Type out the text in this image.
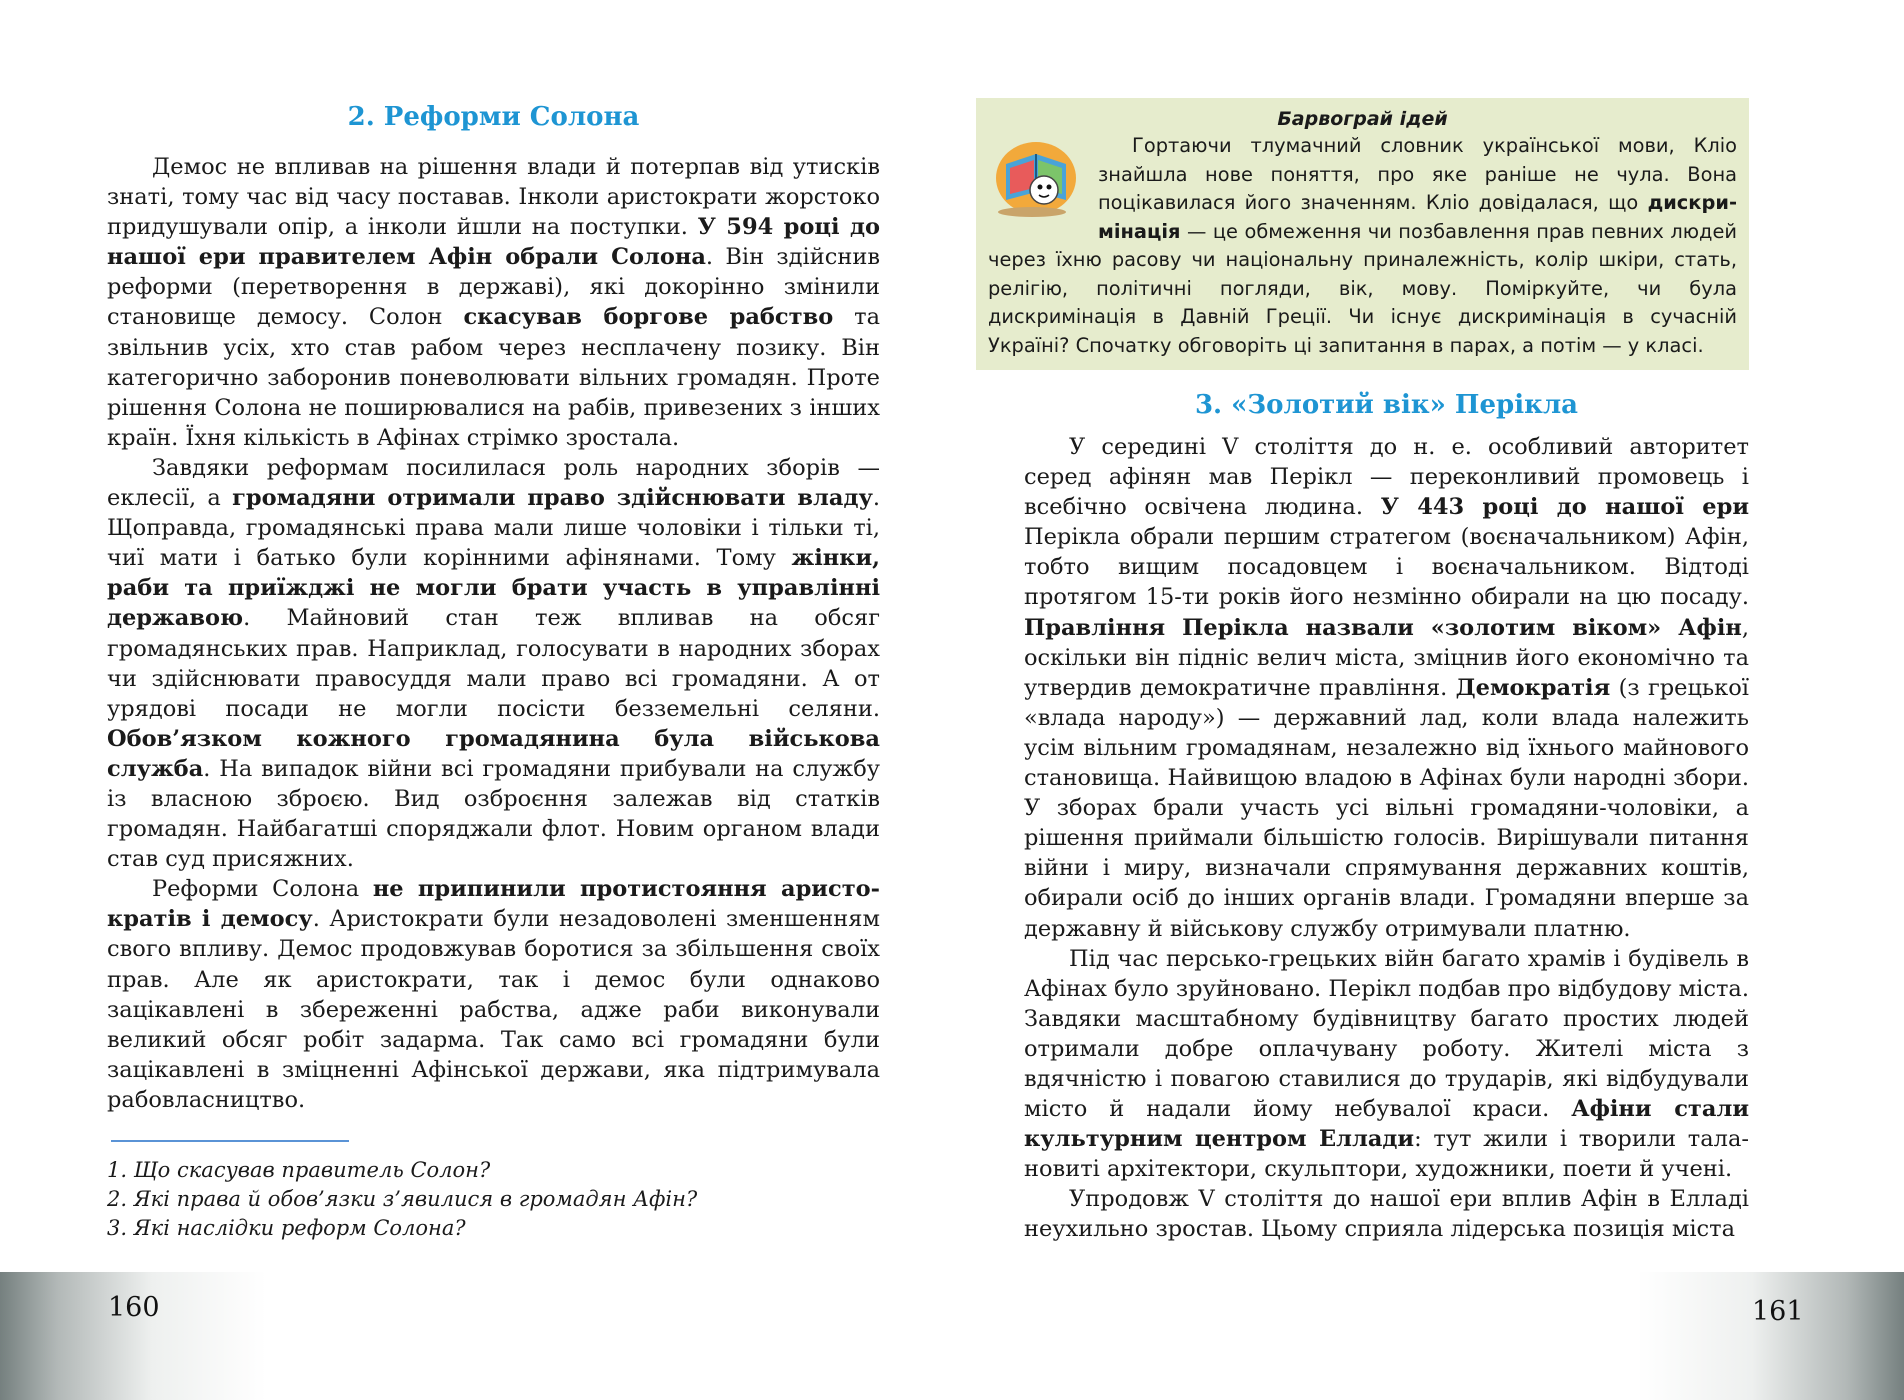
2. Реформи Солона

Демос не впливав на рішення влади й потерпав від утисків знаті, тому час від часу поставав. Інколи аристократи жорстоко придушували опір, а інколи йшли на поступки. У 594 році до нашої ери правителем Афін обрали Солона. Він здійснив реформи (перетворення в державі), які докорінно змінили становище демосу. Солон скасував боргове рабство та звільнив усіх, хто став рабом через несплачену позику. Він категорично заборонив поневолювати вільних громадян. Проте рішення Солона не поширювалися на рабів, привезених з інших країн. Їхня кількість в Афінах стрімко зростала.

Завдяки реформам посилилася роль народних зборів — еклесії, а громадяни отримали право здійснювати владу. Щоправда, громадянські права мали лише чоловіки і тільки ті, чиї мати і батько були корінними афінянами. Тому жінки, раби та приїжджі не могли брати участь в управлінні державою. Майновий стан теж впливав на обсяг громадянських прав. Наприклад, голосувати в народних зборах чи здійснювати правосуддя мали право всі громадяни. А от урядові посади не могли посісти безземельні селяни. Обов’язком кожного громадянина була військова служба. На випадок війни всі громадяни прибували на службу із власною зброєю. Вид озброєння залежав від статків громадян. Найбагатші споряджали флот. Новим органом влади став суд присяжних.

Реформи Солона не припинили протистояння аристократів і демосу. Аристократи були незадоволені зменшенням свого впливу. Демос продовжував боротися за збільшення своїх прав. Але як аристократи, так і демос були однаково зацікавлені в збереженні рабства, адже раби виконували великий обсяг робіт задарма. Так само всі громадяни були зацікавлені в зміцненні Афінської держави, яка підтримувала рабовласництво.

1. Що скасував правитель Солон?
2. Які права й обов’язки з’явилися в громадян Афін?
3. Які наслідки реформ Солона?
160

Барвограй ідей

Гортаючи тлумачний словник української мови, Кліо знайшла нове поняття, про яке раніше не чула. Вона поцікавилася його значенням. Кліо довідалася, що дискримінація — це обмеження чи позбавлення прав певних людей через їхню расову чи національну приналежність, колір шкіри, стать, релігію, політичні погляди, вік, мову. Поміркуйте, чи була дискримінація в Давній Греції. Чи існує дискримінація в сучасній Україні? Спочатку обговоріть ці запитання в парах, а потім — у класі.

3. «Золотий вік» Перікла

У середині V століття до н. е. особливий авторитет серед афінян мав Перікл — переконливий промовець і всебічно освічена людина. У 443 році до нашої ери Перікла обрали першим стратегом (воєначальником) Афін, тобто вищим посадовцем і воєначальником. Відтоді протягом 15-ти років його незмінно обирали на цю посаду. Правління Перікла назвали «золотим віком» Афін, оскільки він підніс велич міста, зміцнив його економічно та утвердив демократичне правління. Демократія (з грецької «влада народу») — державний лад, коли влада належить усім вільним громадянам, незалежно від їхнього майнового становища. Найвищою владою в Афінах були народні збори. У зборах брали участь усі вільні громадяни-чоловіки, а рішення приймали більшістю голосів. Вирішували питання війни і миру, визначали спрямування державних коштів, обирали осіб до інших органів влади. Громадяни вперше за державну й військову службу отримували платню.

Під час персько-грецьких війн багато храмів і будівель в Афінах було зруйновано. Перікл подбав про відбудову міста. Завдяки масштабному будівництву багато простих людей отримали добре оплачувану роботу. Жителі міста з вдячністю і повагою ставилися до трударів, які відбудували місто й надали йому небувалої краси. Афіни стали культурним центром Еллади: тут жили і творили талановиті архітектори, скульптори, художники, поети й учені.

Упродовж V століття до нашої ери вплив Афін в Елладі неухильно зростав. Цьому сприяла лідерська позиція міста

161
